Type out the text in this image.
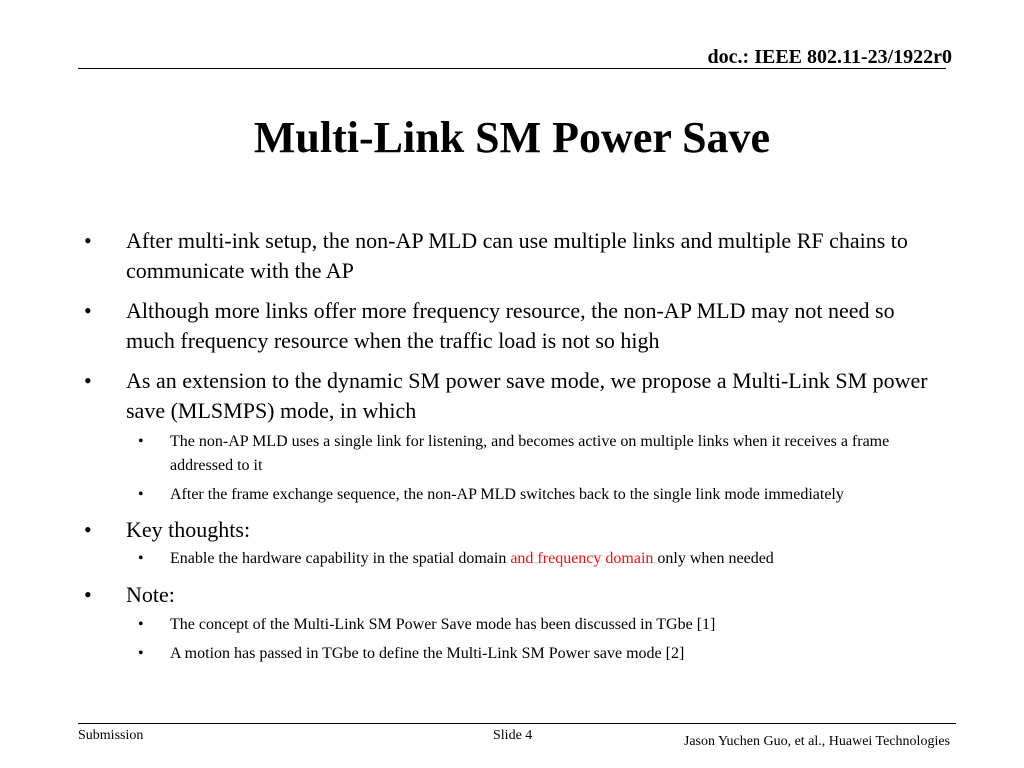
doc.: IEEE 802.11-23/1922r0
Multi-Link SM Power Save
• After multi-ink setup, the non-AP MLD can use multiple links and multiple RF chains to communicate with the AP
• Although more links offer more frequency resource, the non-AP MLD may not need so much frequency resource when the traffic load is not so high
• As an extension to the dynamic SM power save mode, we propose a Multi-Link SM power save (MLSMPS) mode, in which
• The non-AP MLD uses a single link for listening, and becomes active on multiple links when it receives a frame addressed to it
• After the frame exchange sequence, the non-AP MLD switches back to the single link mode immediately
• Key thoughts:
• Enable the hardware capability in the spatial domain and frequency domain only when needed
• Note:
• The concept of the Multi-Link SM Power Save mode has been discussed in TGbe [1]
• A motion has passed in TGbe to define the Multi-Link SM Power save mode [2]
Submission	Slide 4	Jason Yuchen Guo, et al., Huawei Technologies
